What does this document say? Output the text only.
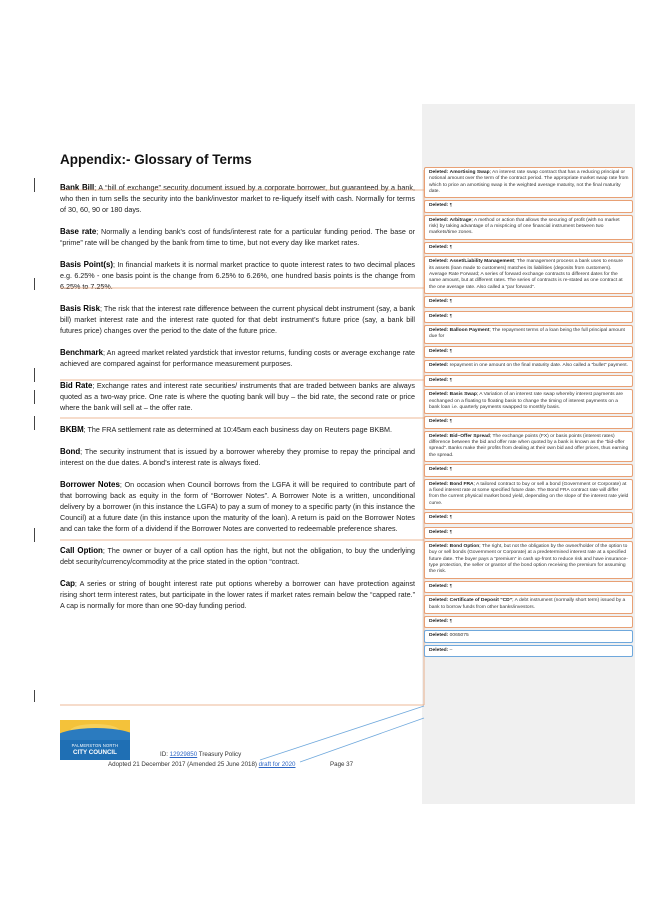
Appendix:- Glossary of Terms

Bank Bill; A “bill of exchange” security document issued by a corporate borrower, but guaranteed by a bank, who then in turn sells the security into the bank/investor market to re-liquefy itself with cash. Normally for terms of 30, 60, 90 or 180 days.

Base rate; Normally a lending bank’s cost of funds/interest rate for a particular funding period. The base or “prime” rate will be changed by the bank from time to time, but not every day like market rates.

Basis Point(s); In financial markets it is normal market practice to quote interest rates to two decimal places e.g. 6.25% - one basis point is the change from 6.25% to 6.26%, one hundred basis points is the change from 6.25% to 7.25%.

Basis Risk; The risk that the interest rate difference between the current physical debt instrument (say, a bank bill) market interest rate and the interest rate quoted for that debt instrument’s future price (say, a bank bill futures price) changes over the period to the date of the future price.

Benchmark; An agreed market related yardstick that investor returns, funding costs or average exchange rate achieved are compared against for performance measurement purposes.

Bid Rate; Exchange rates and interest rate securities/ instruments that are traded between banks are always quoted as a two-way price. One rate is where the quoting bank will buy – the bid rate, the second rate or price where the bank will sell at – the offer rate.

BKBM; The FRA settlement rate as determined at 10:45am each business day on Reuters page BKBM.

Bond; The security instrument that is issued by a borrower whereby they promise to repay the principal and interest on the due dates. A bond’s interest rate is always fixed.

Borrower Notes; On occasion when Council borrows from the LGFA it will be required to contribute part of that borrowing back as equity in the form of “Borrower Notes”. A Borrower Note is a written, unconditional delivery by a borrower (in this instance the LGFA) to pay a sum of money to a specific party (in this instance the Council) at a future date (in this instance upon the maturity of the loan). A return is paid on the Borrower Notes and can take the form of a dividend if the Borrower Notes are converted to redeemable preference shares.

Call Option; The owner or buyer of a call option has the right, but not the obligation, to buy the underlying debt security/currency/commodity at the price stated in the option “contract.

Cap; A series or string of bought interest rate put options whereby a borrower can have protection against rising short term interest rates, but participate in the lower rates if market rates remain below the “capped rate.” A cap is normally for more than one 90-day funding period.

Deleted: Amortising Swap; An interest rate swap contract that has a reducing principal or notional amount over the term of the contract period. The appropriate market swap rate from which to price an amortising swap is the weighted average maturity, not the final maturity date.
Deleted: ¶
Deleted: Arbitrage; A method or action that allows the securing of profit (with no market risk) by taking advantage of a mispricing of one financial instrument between two markets/time zones.
Deleted: ¶
Deleted: Asset/Liability Management; The management process a bank uses to ensure its assets (loan made to customers) matches its liabilities (deposits from customers). Average Rate Forward; A series of forward exchange contracts to different dates for the same amount, but at different rates. The series of contracts is re-stated as one contract at the one average rate. Also called a “par forward”.
Deleted: ¶
Deleted: ¶
Deleted: Balloon Payment; The repayment terms of a loan being the full principal amount due for
Deleted: ¶
Deleted: repayment in one amount on the final maturity date. Also called a “bullet” payment.
Deleted: ¶
Deleted: Basis Swap; A Variation of an interest rate swap whereby interest payments are exchanged on a floating to floating basis to change the timing of interest payments on a bank loan i.e. quarterly payments swapped to monthly basis.
Deleted: ¶
Deleted: Bid–Offer Spread; The exchange points (FX) or basis points (interest rates) difference between the bid and offer rate when quoted by a bank is known as the “bid-offer spread”. Banks make their profits from dealing at their own bid and offer prices, thus earning the spread.
Deleted: ¶
Deleted: Bond FRA; A tailored contract to buy or sell a bond (Government or Corporate) at a fixed interest rate at some specified future date. The Bond FRA contract rate will differ from the current physical market bond yield, depending on the slope of the interest rate yield curve.
Deleted: ¶
Deleted: ¶
Deleted: Bond Option; The right, but not the obligation by the owner/holder of the option to buy or sell bonds (Government or Corporate) at a predetermined interest rate at a specified future date. The buyer pays a “premium” in cash up-front to reduce risk and have insurance-type protection, the seller or grantor of the bond option receiving the premium for assuming the risk.
Deleted: ¶
Deleted: Certificate of Deposit “CD”; A debt instrument (normally short term) issued by a bank to borrow funds from other banks/investors.
Deleted: ¶
Deleted: 0065075
Deleted: –
PALMERSTON NORTH
CITY COUNCIL	ID: 12929850 Treasury Policy
Adopted 21 December 2017 (Amended 25 June 2018) draft for 2020	Page 37
